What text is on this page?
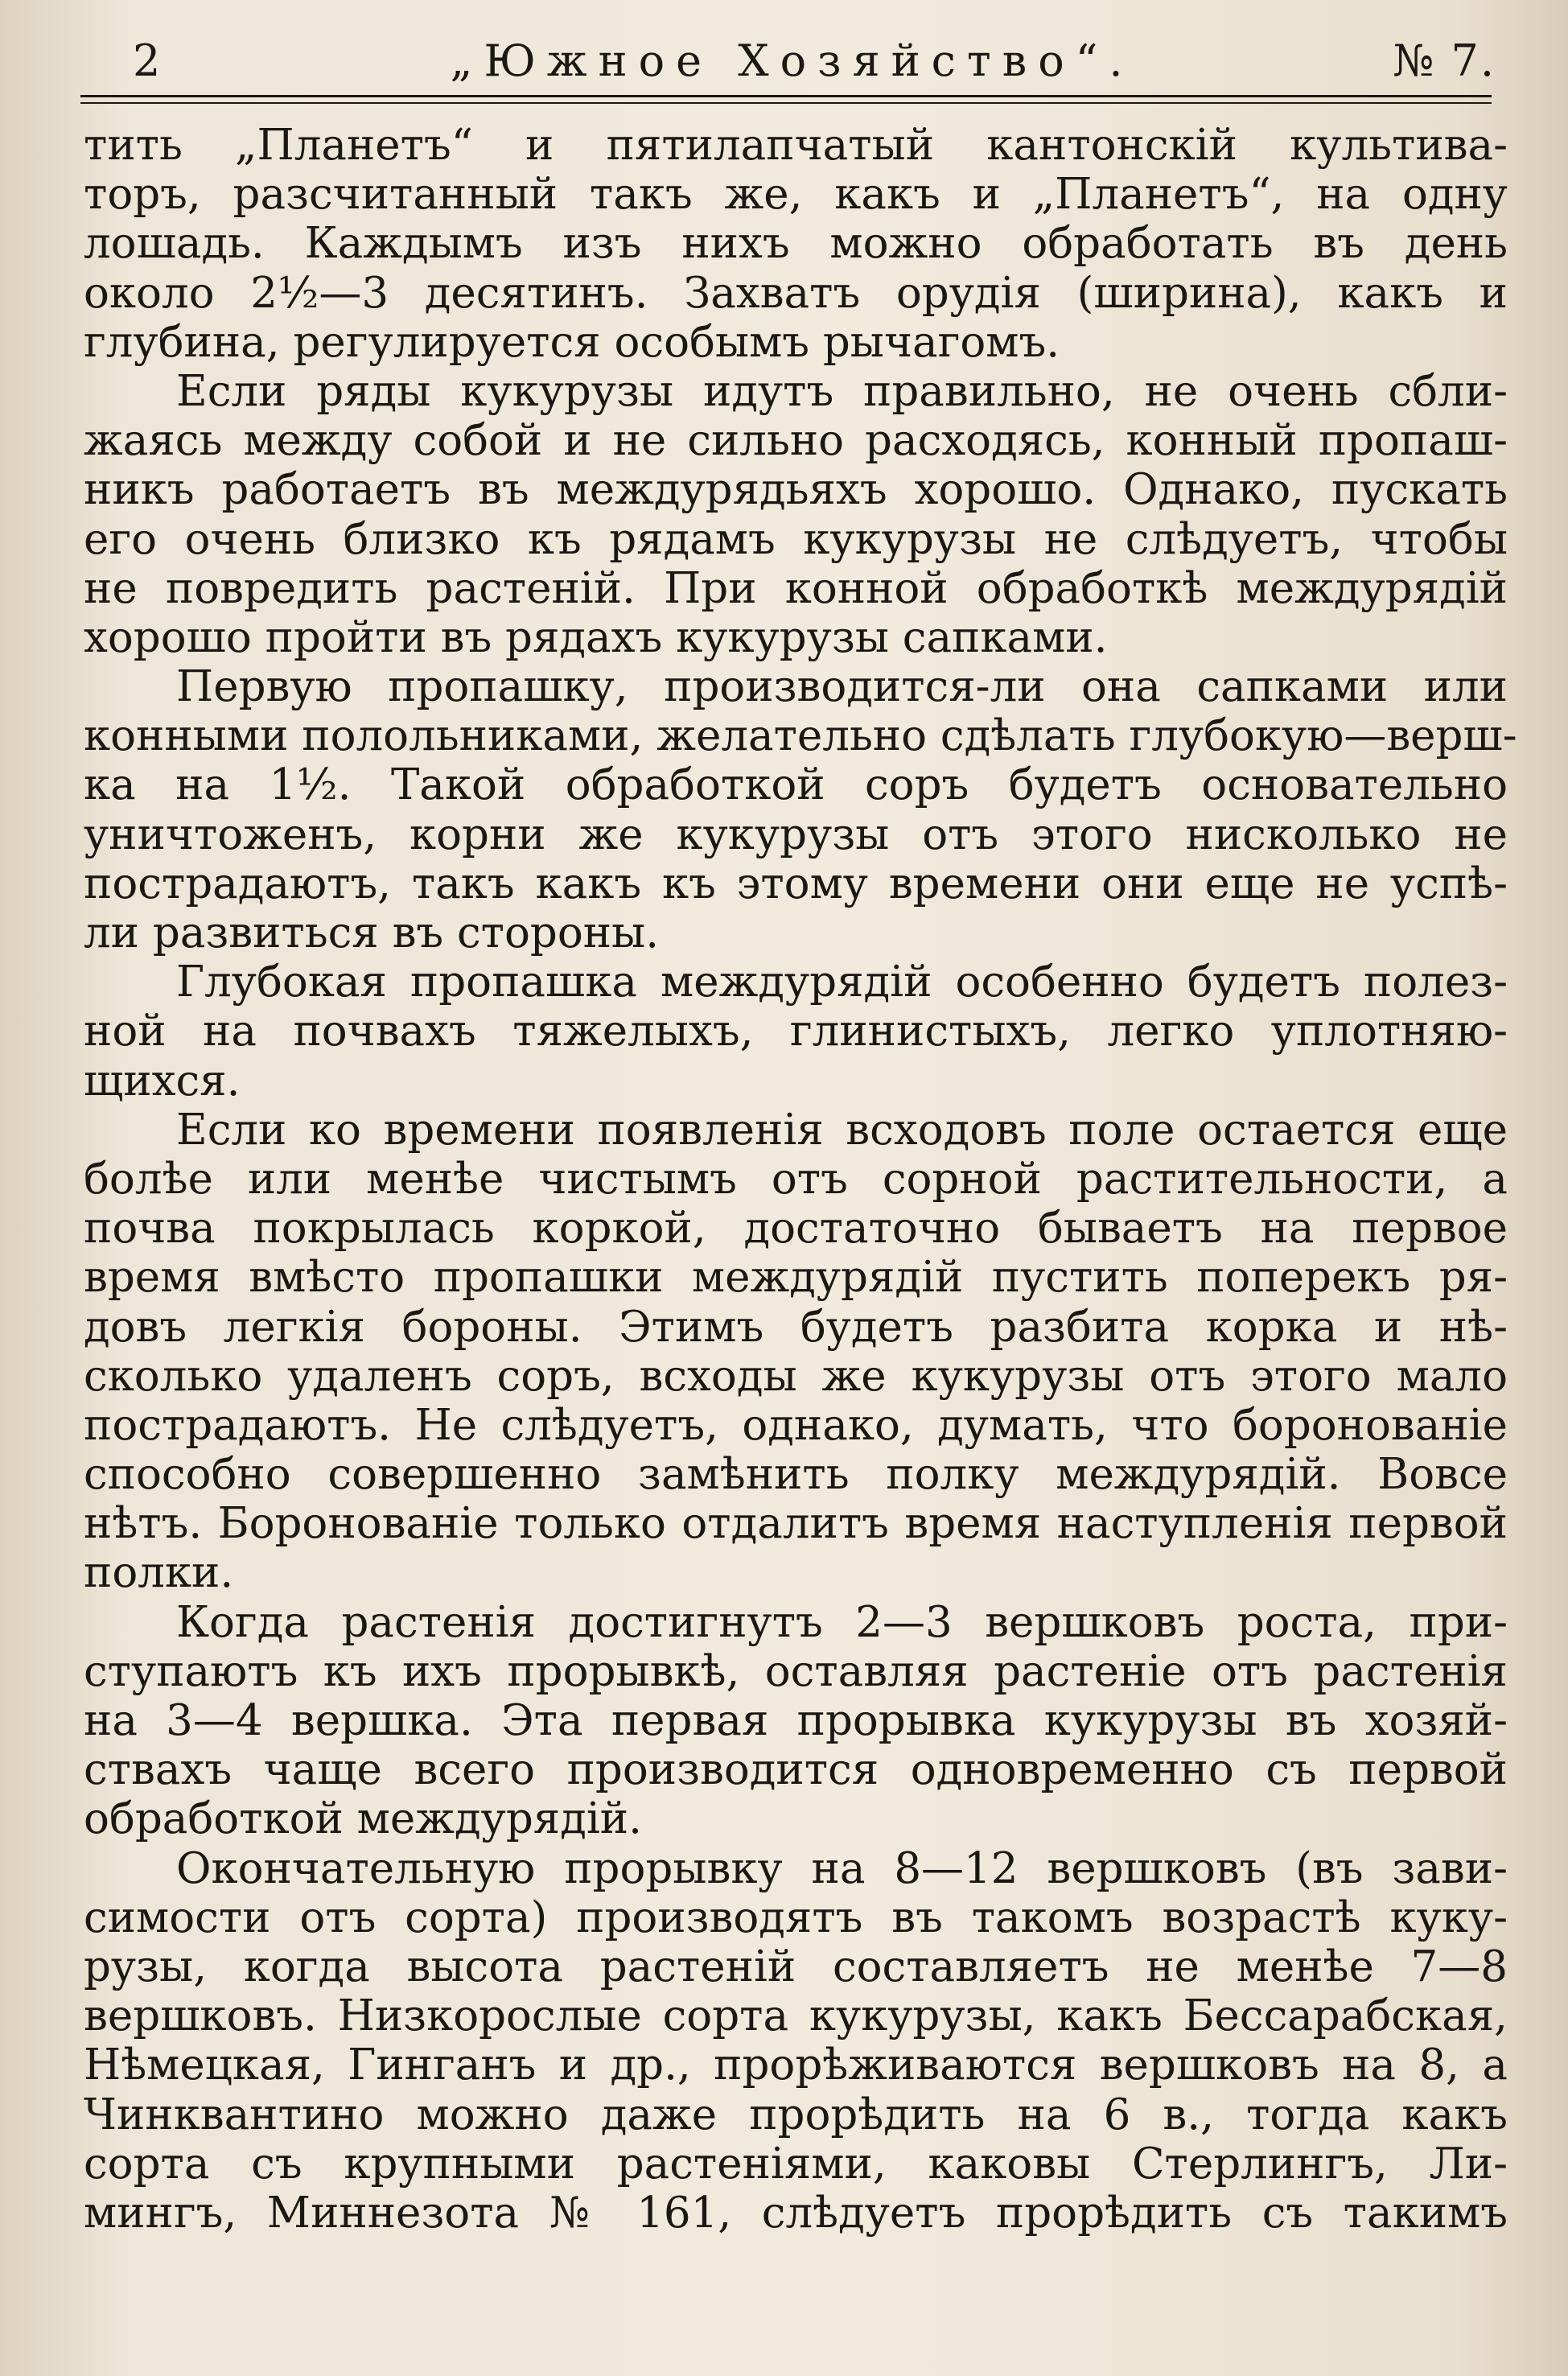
2	„Южное Хозяйство“.	№ 7.
тить „Планетъ“ и пятилапчатый кантонскій культива-
торъ, разсчитанный такъ же, какъ и „Планетъ“, на одну
лошадь. Каждымъ изъ нихъ можно обработать въ день
около 2½—3 десятинъ. Захватъ орудія (ширина), какъ и
глубина, регулируется особымъ рычагомъ.
Если ряды кукурузы идутъ правильно, не очень сбли-
жаясь между собой и не сильно расходясь, конный пропаш-
никъ работаетъ въ междурядьяхъ хорошо. Однако, пускать
его очень близко къ рядамъ кукурузы не слѣдуетъ, чтобы
не повредить растеній. При конной обработкѣ междурядій
хорошо пройти въ рядахъ кукурузы сапками.
Первую пропашку, производится-ли она сапками или
конными полольниками, желательно сдѣлать глубокую—верш-
ка на 1½. Такой обработкой соръ будетъ основательно
уничтоженъ, корни же кукурузы отъ этого нисколько не
пострадаютъ, такъ какъ къ этому времени они еще не успѣ-
ли развиться въ стороны.
Глубокая пропашка междурядій особенно будетъ полез-
ной на почвахъ тяжелыхъ, глинистыхъ, легко уплотняю-
щихся.
Если ко времени появленія всходовъ поле остается еще
болѣе или менѣе чистымъ отъ сорной растительности, а
почва покрылась коркой, достаточно бываетъ на первое
время вмѣсто пропашки междурядій пустить поперекъ ря-
довъ легкія бороны. Этимъ будетъ разбита корка и нѣ-
сколько удаленъ соръ, всходы же кукурузы отъ этого мало
пострадаютъ. Не слѣдуетъ, однако, думать, что боронованіе
способно совершенно замѣнить полку междурядій. Вовсе
нѣтъ. Боронованіе только отдалитъ время наступленія первой
полки.
Когда растенія достигнутъ 2—3 вершковъ роста, при-
ступаютъ къ ихъ прорывкѣ, оставляя растеніе отъ растенія
на 3—4 вершка. Эта первая прорывка кукурузы въ хозяй-
ствахъ чаще всего производится одновременно съ первой
обработкой междурядій.
Окончательную прорывку на 8—12 вершковъ (въ зави-
симости отъ сорта) производятъ въ такомъ возрастѣ куку-
рузы, когда высота растеній составляетъ не менѣе 7—8
вершковъ. Низкорослые сорта кукурузы, какъ Бессарабская,
Нѣмецкая, Гинганъ и др., прорѣживаются вершковъ на 8, а
Чинквантино можно даже прорѣдить на 6 в., тогда какъ
сорта съ крупными растеніями, каковы Стерлингъ, Ли-
мингъ, Миннезота № 161, слѣдуетъ прорѣдить съ такимъ
